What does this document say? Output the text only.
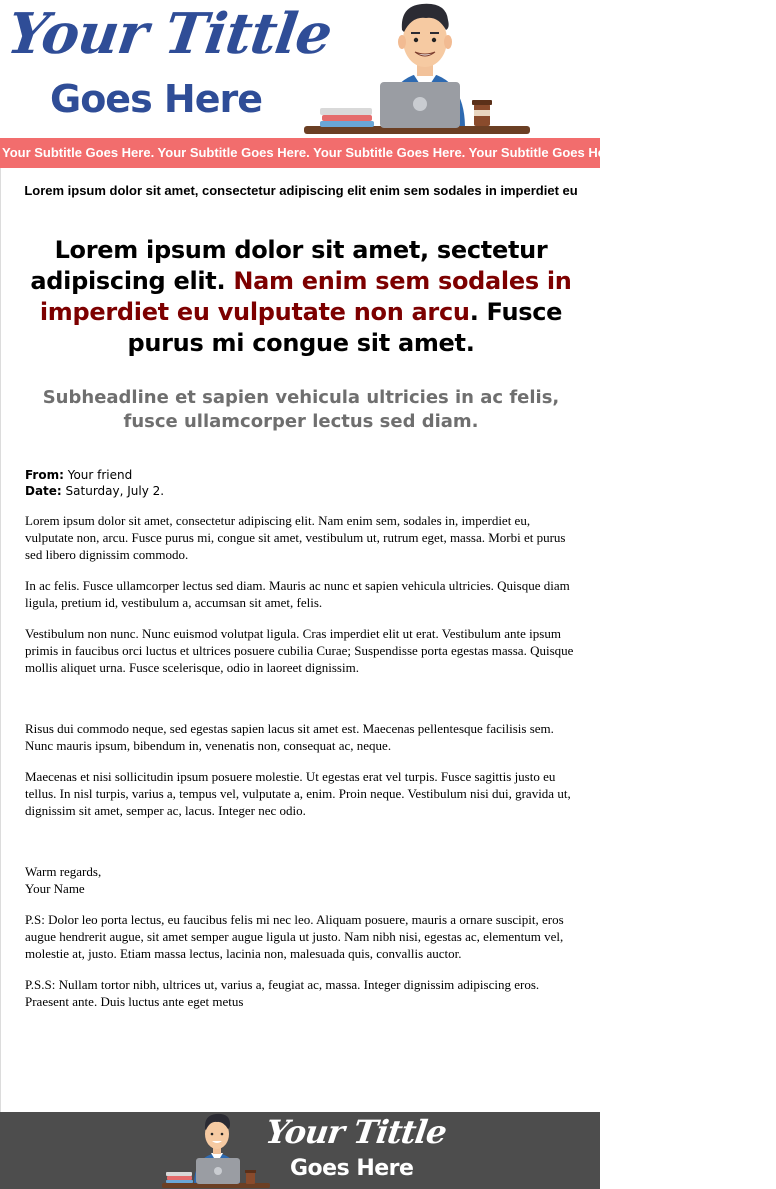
Your Tittle
Goes Here
Your Subtitle Goes Here. Your Subtitle Goes Here. Your Subtitle Goes Here. Your Subtitle Goes Here. Your Subtitle Goes Here.
Lorem ipsum dolor sit amet, consectetur adipiscing elit enim sem sodales in imperdiet eu
Lorem ipsum dolor sit amet, sectetur adipiscing elit. Nam enim sem sodales in imperdiet eu vulputate non arcu. Fusce purus mi congue sit amet.
Subheadline et sapien vehicula ultricies in ac felis, fusce ullamcorper lectus sed diam.
From: Your friend
Date: Saturday, July 2.

Lorem ipsum dolor sit amet, consectetur adipiscing elit. Nam enim sem, sodales in, imperdiet eu, vulputate non, arcu. Fusce purus mi, congue sit amet, vestibulum ut, rutrum eget, massa. Morbi et purus sed libero dignissim commodo.

In ac felis. Fusce ullamcorper lectus sed diam. Mauris ac nunc et sapien vehicula ultricies. Quisque diam ligula, pretium id, vestibulum a, accumsan sit amet, felis.

Vestibulum non nunc. Nunc euismod volutpat ligula. Cras imperdiet elit ut erat. Vestibulum ante ipsum primis in faucibus orci luctus et ultrices posuere cubilia Curae; Suspendisse porta egestas massa. Quisque mollis aliquet urna. Fusce scelerisque, odio in laoreet dignissim.

Risus dui commodo neque, sed egestas sapien lacus sit amet est. Maecenas pellentesque facilisis sem. Nunc mauris ipsum, bibendum in, venenatis non, consequat ac, neque.

Maecenas et nisi sollicitudin ipsum posuere molestie. Ut egestas erat vel turpis. Fusce sagittis justo eu tellus. In nisl turpis, varius a, tempus vel, vulputate a, enim. Proin neque. Vestibulum nisi dui, gravida ut, dignissim sit amet, semper ac, lacus. Integer nec odio.

Warm regards,
Your Name

P.S: Dolor leo porta lectus, eu faucibus felis mi nec leo. Aliquam posuere, mauris a ornare suscipit, eros augue hendrerit augue, sit amet semper augue ligula ut justo. Nam nibh nisi, egestas ac, elementum vel, molestie at, justo. Etiam massa lectus, lacinia non, malesuada quis, convallis auctor.

P.S.S: Nullam tortor nibh, ultrices ut, varius a, feugiat ac, massa. Integer dignissim adipiscing eros. Praesent ante. Duis luctus ante eget metus

Your Tittle
Goes Here
